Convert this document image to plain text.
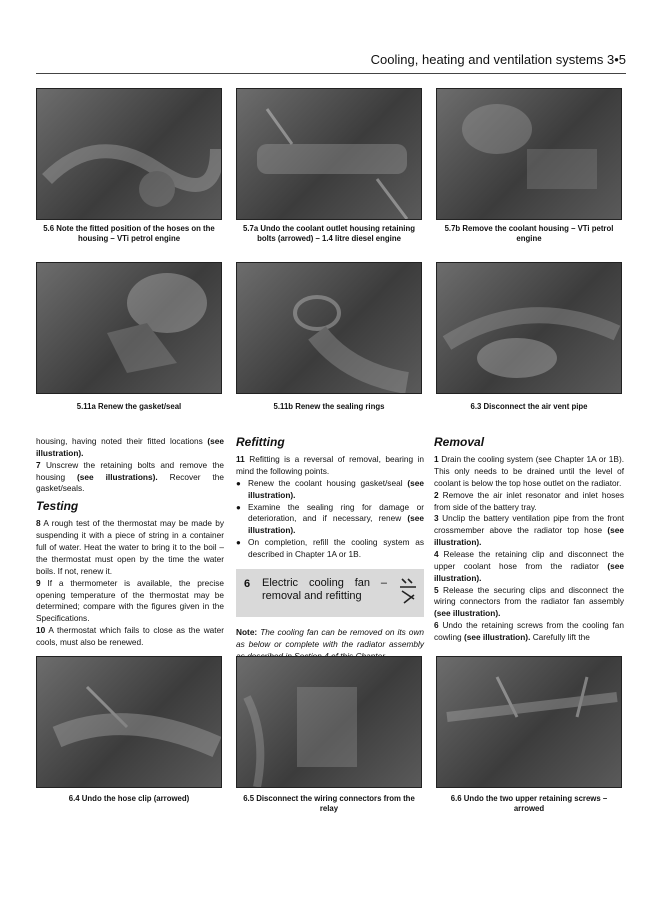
Cooling, heating and ventilation systems 3•5
5.6 Note the fitted position of the hoses on the housing – VTi petrol engine
5.7a Undo the coolant outlet housing retaining bolts (arrowed) – 1.4 litre diesel engine
5.7b Remove the coolant housing – VTi petrol engine
5.11a Renew the gasket/seal	5.11b Renew the sealing rings	6.3 Disconnect the air vent pipe

housing, having noted their fitted locations (see illustration).

7 Unscrew the retaining bolts and remove the housing (see illustrations). Recover the gasket/seals.

Testing

8 A rough test of the thermostat may be made by suspending it with a piece of string in a container full of water. Heat the water to bring it to the boil – the thermostat must open by the time the water boils. If not, renew it.

9 If a thermometer is available, the precise opening temperature of the thermostat may be determined; compare with the figures given in the Specifications.

10 A thermostat which fails to close as the water cools, must also be renewed.

Refitting

11 Refitting is a reversal of removal, bearing in mind the following points.

● Renew the coolant housing gasket/seal (see illustration).

● Examine the sealing ring for damage or deterioration, and if necessary, renew (see illustration).

● On completion, refill the cooling system as described in Chapter 1A or 1B.

6 Electric cooling fan – removal and refitting

Note: The cooling fan can be removed on its own as below or complete with the radiator assembly

Removal

1 Drain the cooling system (see Chapter 1A or 1B). This only needs to be drained until the level of coolant is below the top hose outlet on the radiator.

2 Remove the air inlet resonator and inlet hoses from side of the battery tray.

3 Unclip the battery ventilation pipe from the front crossmember above the radiator top hose (see illustration).

4 Release the retaining clip and disconnect the upper coolant hose from the radiator (see illustration).

5 Release the securing clips and disconnect the wiring connectors from the radiator fan assembly (see illustration).

6 Undo the retaining screws from the cooling fan cowling (see illustration). Carefully lift the

6.4 Undo the hose clip (arrowed)	6.5 Disconnect the wiring connectors from the relay
6.6 Undo the two upper retaining screws – arrowed
